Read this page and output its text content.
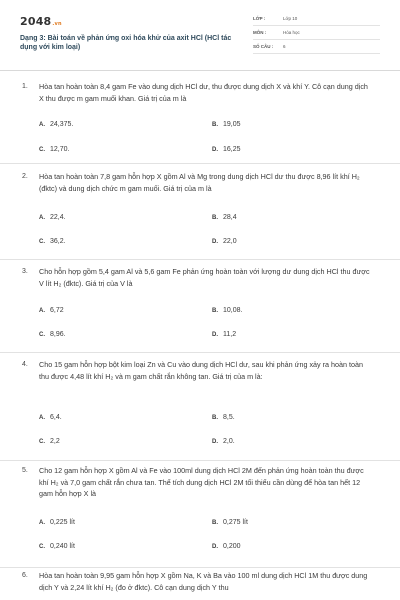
2048.vn
Dạng 3: Bài toán về phản ứng oxi hóa khử của axit HCl (HCl tác dụng với kim loại)
LỚP :	Lớp 10
MÔN :	Hóa học
SỐ CÂU : 6
1. Hòa tan hoàn toàn 8,4 gam Fe vào dung dịch HCl dư, thu được dung dịch X và khí Y. Cô cạn dung dịch X thu được m gam muối khan. Giá trị của m là
A. 24,375.	B. 19,05
C. 12,70.	D. 16,25
2. Hòa tan hoàn toàn 7,8 gam hỗn hợp X gồm Al và Mg trong dung dịch HCl dư thu được 8,96 lít khí H₂ (đktc) và dung dịch chức m gam muối. Giá trị của m là
A. 22,4.	B. 28,4
C. 36,2.	D. 22,0
3. Cho hỗn hợp gồm 5,4 gam Al và 5,6 gam Fe phản ứng hoàn toàn với lượng dư dung dịch HCl thu được V lít H₂ (đktc). Giá trị của V là
A. 6,72	B. 10,08.
C. 8,96.	D. 11,2
4. Cho 15 gam hỗn hợp bột kim loại Zn và Cu vào dung dịch HCl dư, sau khi phản ứng xảy ra hoàn toàn thu được 4,48 lít khí H₂ và m gam chất rắn không tan. Giá trị của m là:
A. 6,4.	B. 8,5.
C. 2,2	D. 2,0.
5. Cho 12 gam hỗn hợp X gồm Al và Fe vào 100ml dung dịch HCl 2M đến phản ứng hoàn toàn thu được khí H₂ và 7,0 gam chất rắn chưa tan. Thể tích dung dịch HCl 2M tối thiểu cần dùng để hòa tan hết 12 gam hỗn hợp X là
A. 0,225 lít	B. 0,275 lít
C. 0,240 lít	D. 0,200
6. Hòa tan hoàn toàn 9,95 gam hỗn hợp X gồm Na, K và Ba vào 100 ml dung dịch HCl 1M thu được dung dịch Y và 2,24 lít khí H₂ (đo ở đktc). Cô cạn dung dịch Y thu
